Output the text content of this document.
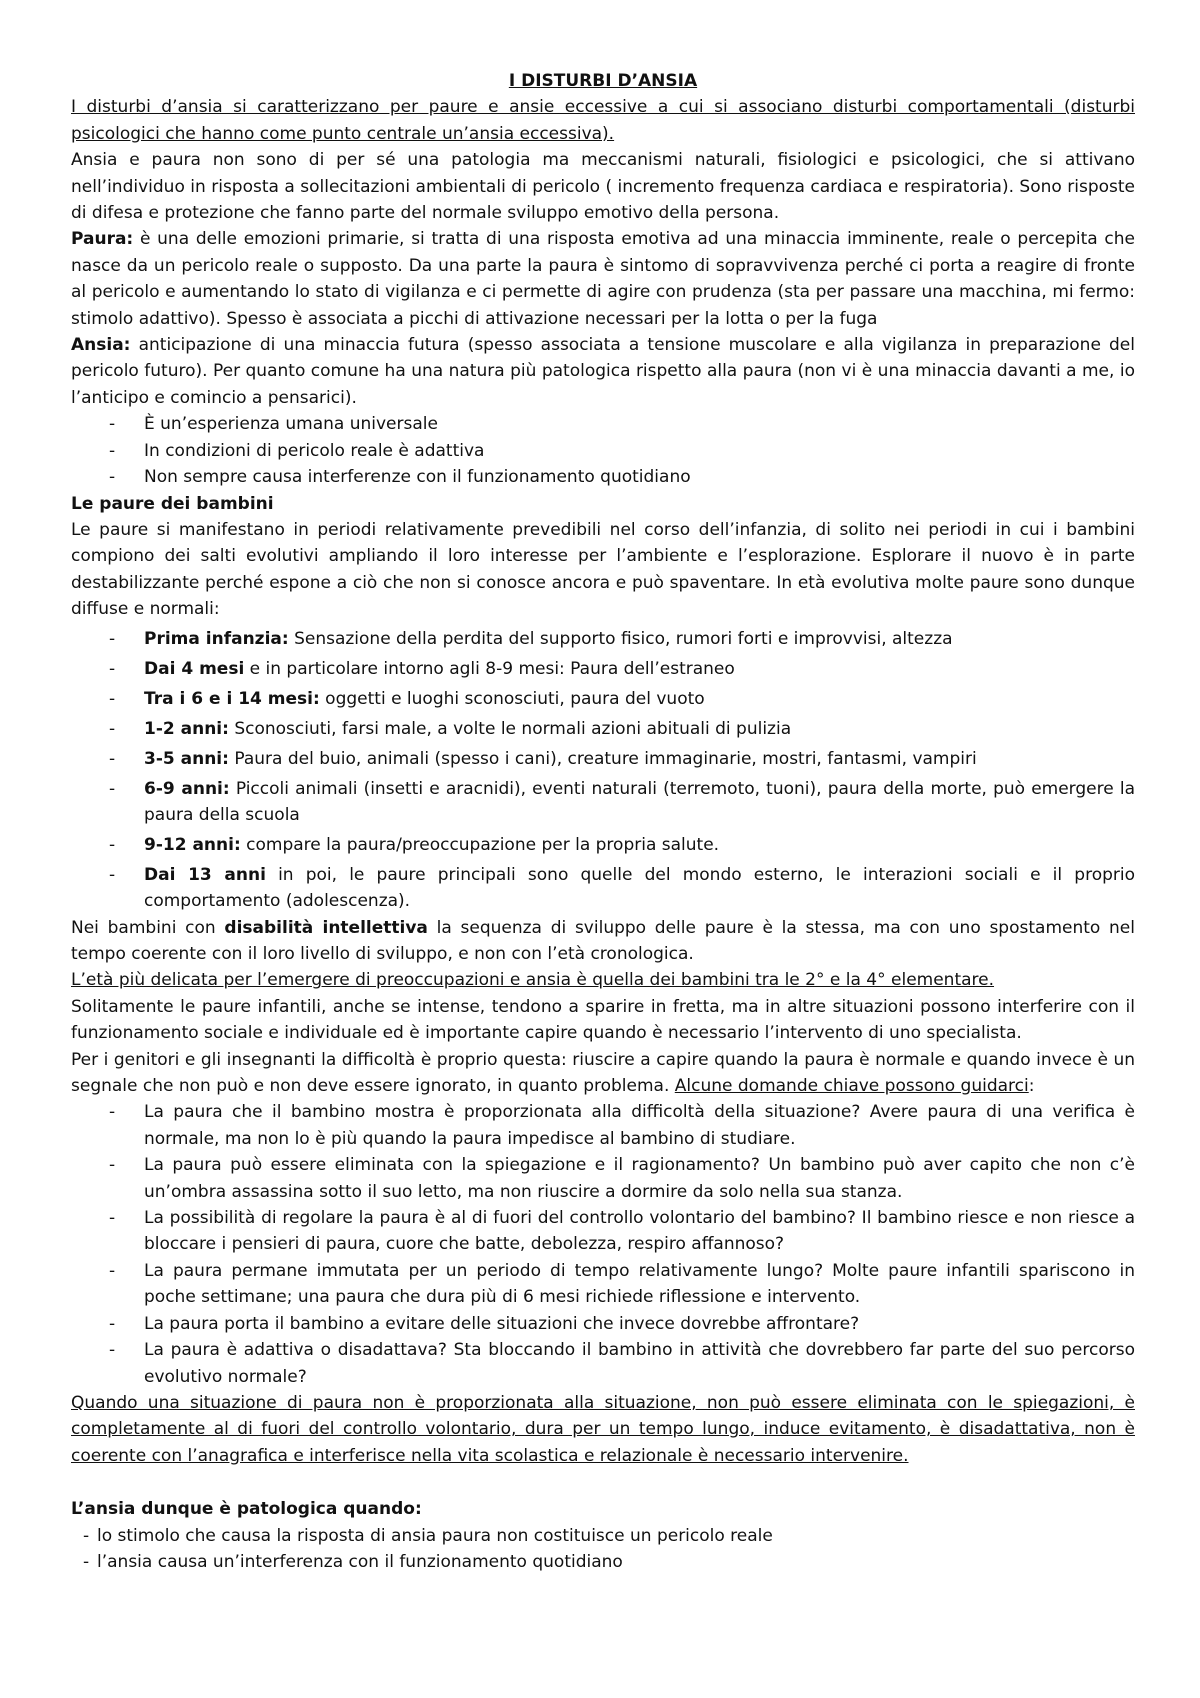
I DISTURBI D’ANSIA

I disturbi d’ansia si caratterizzano per paure e ansie eccessive a cui si associano disturbi comportamentali (disturbi psicologici che hanno come punto centrale un’ansia eccessiva).

Ansia e paura non sono di per sé una patologia ma meccanismi naturali, fisiologici e psicologici, che si attivano nell’individuo in risposta a sollecitazioni ambientali di pericolo ( incremento frequenza cardiaca e respiratoria). Sono risposte di difesa e protezione che fanno parte del normale sviluppo emotivo della persona.

Paura: è una delle emozioni primarie, si tratta di una risposta emotiva ad una minaccia imminente, reale o percepita che nasce da un pericolo reale o supposto. Da una parte la paura è sintomo di sopravvivenza perché ci porta a reagire di fronte al pericolo e aumentando lo stato di vigilanza e ci permette di agire con prudenza (sta per passare una macchina, mi fermo: stimolo adattivo). Spesso è associata a picchi di attivazione necessari per la lotta o per la fuga

Ansia: anticipazione di una minaccia futura (spesso associata a tensione muscolare e alla vigilanza in preparazione del pericolo futuro). Per quanto comune ha una natura più patologica rispetto alla paura (non vi è una minaccia davanti a me, io l’anticipo e comincio a pensarici).

- È un’esperienza umana universale
- In condizioni di pericolo reale è adattiva
- Non sempre causa interferenze con il funzionamento quotidiano

Le paure dei bambini

Le paure si manifestano in periodi relativamente prevedibili nel corso dell’infanzia, di solito nei periodi in cui i bambini compiono dei salti evolutivi ampliando il loro interesse per l’ambiente e l’esplorazione. Esplorare il nuovo è in parte destabilizzante perché espone a ciò che non si conosce ancora e può spaventare. In età evolutiva molte paure sono dunque diffuse e normali:

- Prima infanzia: Sensazione della perdita del supporto fisico, rumori forti e improvvisi, altezza
- Dai 4 mesi e in particolare intorno agli 8-9 mesi: Paura dell’estraneo
- Tra i 6 e i 14 mesi: oggetti e luoghi sconosciuti, paura del vuoto
- 1-2 anni: Sconosciuti, farsi male, a volte le normali azioni abituali di pulizia
- 3-5 anni: Paura del buio, animali (spesso i cani), creature immaginarie, mostri, fantasmi, vampiri
- 6-9 anni: Piccoli animali (insetti e aracnidi), eventi naturali (terremoto, tuoni), paura della morte, può emergere la paura della scuola
- 9-12 anni: compare la paura/preoccupazione per la propria salute.
- Dai 13 anni in poi, le paure principali sono quelle del mondo esterno, le interazioni sociali e il proprio comportamento (adolescenza).

Nei bambini con disabilità intellettiva la sequenza di sviluppo delle paure è la stessa, ma con uno spostamento nel tempo coerente con il loro livello di sviluppo, e non con l’età cronologica.

L’età più delicata per l’emergere di preoccupazioni e ansia è quella dei bambini tra le 2° e la 4° elementare.

Solitamente le paure infantili, anche se intense, tendono a sparire in fretta, ma in altre situazioni possono interferire con il funzionamento sociale e individuale ed è importante capire quando è necessario l’intervento di uno specialista.

Per i genitori e gli insegnanti la difficoltà è proprio questa: riuscire a capire quando la paura è normale e quando invece è un segnale che non può e non deve essere ignorato, in quanto problema. Alcune domande chiave possono guidarci:

- La paura che il bambino mostra è proporzionata alla difficoltà della situazione? Avere paura di una verifica è normale, ma non lo è più quando la paura impedisce al bambino di studiare.
- La paura può essere eliminata con la spiegazione e il ragionamento? Un bambino può aver capito che non c’è un’ombra assassina sotto il suo letto, ma non riuscire a dormire da solo nella sua stanza.
- La possibilità di regolare la paura è al di fuori del controllo volontario del bambino? Il bambino riesce e non riesce a bloccare i pensieri di paura, cuore che batte, debolezza, respiro affannoso?
- La paura permane immutata per un periodo di tempo relativamente lungo? Molte paure infantili spariscono in poche settimane; una paura che dura più di 6 mesi richiede riflessione e intervento.
- La paura porta il bambino a evitare delle situazioni che invece dovrebbe affrontare?
- La paura è adattiva o disadattava? Sta bloccando il bambino in attività che dovrebbero far parte del suo percorso evolutivo normale?

Quando una situazione di paura non è proporzionata alla situazione, non può essere eliminata con le spiegazioni, è completamente al di fuori del controllo volontario, dura per un tempo lungo, induce evitamento, è disadattativa, non è coerente con l’anagrafica e interferisce nella vita scolastica e relazionale è necessario intervenire.

L’ansia dunque è patologica quando:

- lo stimolo che causa la risposta di ansia paura non costituisce un pericolo reale
- l’ansia causa un’interferenza con il funzionamento quotidiano
